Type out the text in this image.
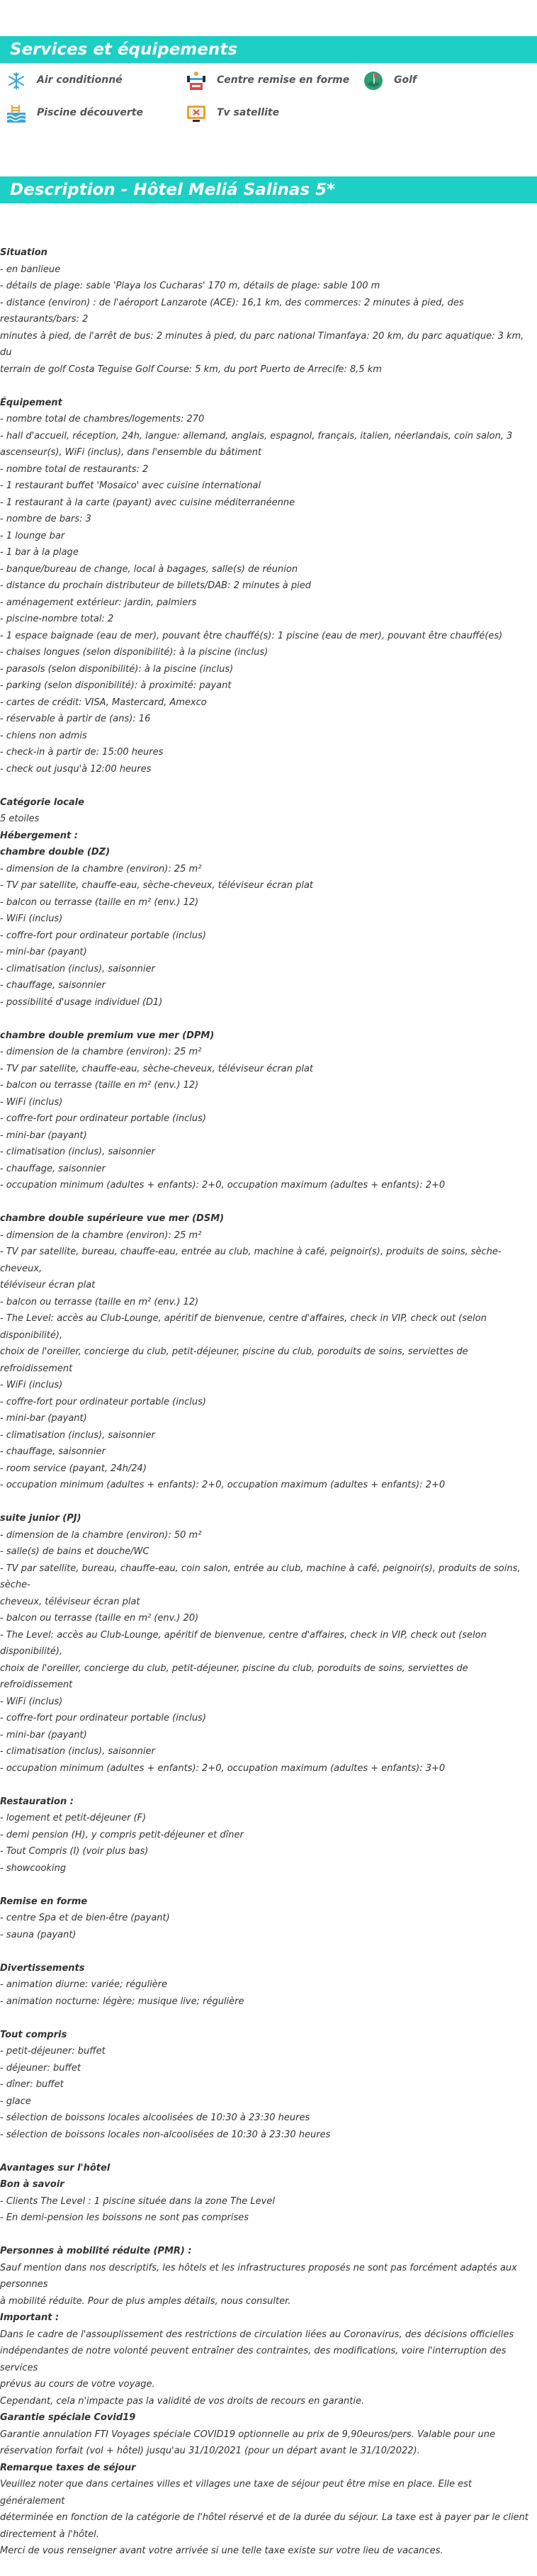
Services et équipements
Air conditionné	Centre remise en forme	Golf
Piscine découverte	Tv satellite
Description - Hôtel Meliá Salinas 5*

Situation

- en banlieue

- détails de plage: sable 'Playa los Cucharas' 170 m, détails de plage: sable 100 m

- distance (environ) : de l'aéroport Lanzarote (ACE): 16,1 km, des commerces: 2 minutes à pied, des restaurants/bars: 2

minutes à pied, de l'arrêt de bus: 2 minutes à pied, du parc national Timanfaya: 20 km, du parc aquatique: 3 km, du

terrain de golf Costa Teguise Golf Course: 5 km, du port Puerto de Arrecife: 8,5 km

Équipement

- nombre total de chambres/logements: 270

- hall d'accueil, réception, 24h, langue: allemand, anglais, espagnol, français, italien, néerlandais, coin salon, 3

ascenseur(s), WiFi (inclus), dans l'ensemble du bâtiment

- nombre total de restaurants: 2

- 1 restaurant buffet 'Mosaico' avec cuisine international

- 1 restaurant à la carte (payant) avec cuisine méditerranéenne

- nombre de bars: 3

- 1 lounge bar

- 1 bar à la plage

- banque/bureau de change, local à bagages, salle(s) de réunion

- distance du prochain distributeur de billets/DAB: 2 minutes à pied

- aménagement extérieur: jardin, palmiers

- piscine-nombre total: 2

- 1 espace baignade (eau de mer), pouvant être chauffé(s): 1 piscine (eau de mer), pouvant être chauffé(es)

- chaises longues (selon disponibilité): à la piscine (inclus)

- parasols (selon disponibilité): à la piscine (inclus)

- parking (selon disponibilité): à proximité: payant

- cartes de crédit: VISA, Mastercard, Amexco

- réservable à partir de (ans): 16

- chiens non admis

- check-in à partir de: 15:00 heures

- check out jusqu'à 12:00 heures

Catégorie locale

5 etoiles

Hébergement :

chambre double (DZ)

- dimension de la chambre (environ): 25 m²

- TV par satellite, chauffe-eau, sèche-cheveux, téléviseur écran plat

- balcon ou terrasse (taille en m² (env.) 12)

- WiFi (inclus)

- coffre-fort pour ordinateur portable (inclus)

- mini-bar (payant)

- climatisation (inclus), saisonnier

- chauffage, saisonnier

- possibilité d'usage individuel (D1)

chambre double premium vue mer (DPM)

- dimension de la chambre (environ): 25 m²

- TV par satellite, chauffe-eau, sèche-cheveux, téléviseur écran plat

- balcon ou terrasse (taille en m² (env.) 12)

- WiFi (inclus)

- coffre-fort pour ordinateur portable (inclus)

- mini-bar (payant)

- climatisation (inclus), saisonnier

- chauffage, saisonnier

- occupation minimum (adultes + enfants): 2+0, occupation maximum (adultes + enfants): 2+0

chambre double supérieure vue mer (DSM)

- dimension de la chambre (environ): 25 m²

- TV par satellite, bureau, chauffe-eau, entrée au club, machine à café, peignoir(s), produits de soins, sèche-cheveux,

téléviseur écran plat

- balcon ou terrasse (taille en m² (env.) 12)

- The Level: accès au Club-Lounge, apéritif de bienvenue, centre d'affaires, check in VIP, check out (selon disponibilité),

choix de l'oreiller, concierge du club, petit-déjeuner, piscine du club, poroduits de soins, serviettes de refroidissement

- WiFi (inclus)

- coffre-fort pour ordinateur portable (inclus)

- mini-bar (payant)

- climatisation (inclus), saisonnier

- chauffage, saisonnier

- room service (payant, 24h/24)

- occupation minimum (adultes + enfants): 2+0, occupation maximum (adultes + enfants): 2+0

suite junior (PJ)

- dimension de la chambre (environ): 50 m²

- salle(s) de bains et douche/WC

- TV par satellite, bureau, chauffe-eau, coin salon, entrée au club, machine à café, peignoir(s), produits de soins, sèche-

cheveux, téléviseur écran plat

- balcon ou terrasse (taille en m² (env.) 20)

- The Level: accès au Club-Lounge, apéritif de bienvenue, centre d'affaires, check in VIP, check out (selon disponibilité),

choix de l'oreiller, concierge du club, petit-déjeuner, piscine du club, poroduits de soins, serviettes de refroidissement

- WiFi (inclus)

- coffre-fort pour ordinateur portable (inclus)

- mini-bar (payant)

- climatisation (inclus), saisonnier

- occupation minimum (adultes + enfants): 2+0, occupation maximum (adultes + enfants): 3+0

Restauration :

- logement et petit-déjeuner (F)

- demi pension (H), y compris petit-déjeuner et dîner

- Tout Compris (I) (voir plus bas)

- showcooking

Remise en forme

- centre Spa et de bien-être (payant)

- sauna (payant)

Divertissements

- animation diurne: variée; régulière

- animation nocturne: légère; musique live; régulière

Tout compris

- petit-déjeuner: buffet

- déjeuner: buffet

- dîner: buffet

- glace

- sélection de boissons locales alcoolisées de 10:30 à 23:30 heures

- sélection de boissons locales non-alcoolisées de 10:30 à 23:30 heures

Avantages sur l'hôtel

Bon à savoir

- Clients The Level : 1 piscine située dans la zone The Level

- En demi-pension les boissons ne sont pas comprises

Personnes à mobilité réduite (PMR) :

Sauf mention dans nos descriptifs, les hôtels et les infrastructures proposés ne sont pas forcément adaptés aux personnes

à mobilité réduite. Pour de plus amples détails, nous consulter.

Important :

Dans le cadre de l'assouplissement des restrictions de circulation liées au Coronavirus, des décisions officielles

indépendantes de notre volonté peuvent entraîner des contraintes, des modifications, voire l'interruption des services

prévus au cours de votre voyage.

Cependant, cela n'impacte pas la validité de vos droits de recours en garantie.

Garantie spéciale Covid19

Garantie annulation FTI Voyages spéciale COVID19 optionnelle au prix de 9,90euros/pers. Valable pour une

réservation forfait (vol + hôtel) jusqu'au 31/10/2021 (pour un départ avant le 31/10/2022).

Remarque taxes de séjour

Veuillez noter que dans certaines villes et villages une taxe de séjour peut être mise en place. Elle est généralement

déterminée en fonction de la catégorie de l'hôtel réservé et de la durée du séjour. La taxe est à payer par le client

directement à l'hôtel.

Merci de vous renseigner avant votre arrivée si une telle taxe existe sur votre lieu de vacances.
